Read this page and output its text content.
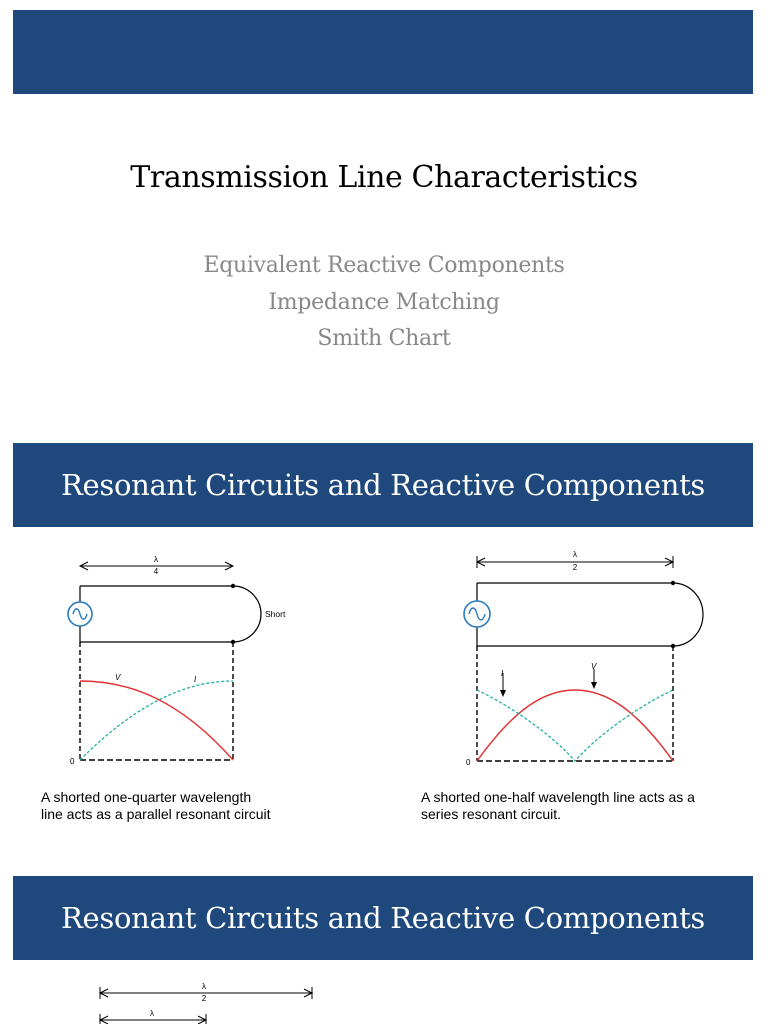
Transmission Line Characteristics
Equivalent Reactive Components
Impedance Matching
Smith Chart
Resonant Circuits and Reactive Components
λ
4
Short
0
V	I
A shorted one-quarter wavelength
line acts as a parallel resonant circuit
λ
2
0
I
V
A shorted one-half wavelength line acts as a
series resonant circuit.
Resonant Circuits and Reactive Components
λ
2
λ
